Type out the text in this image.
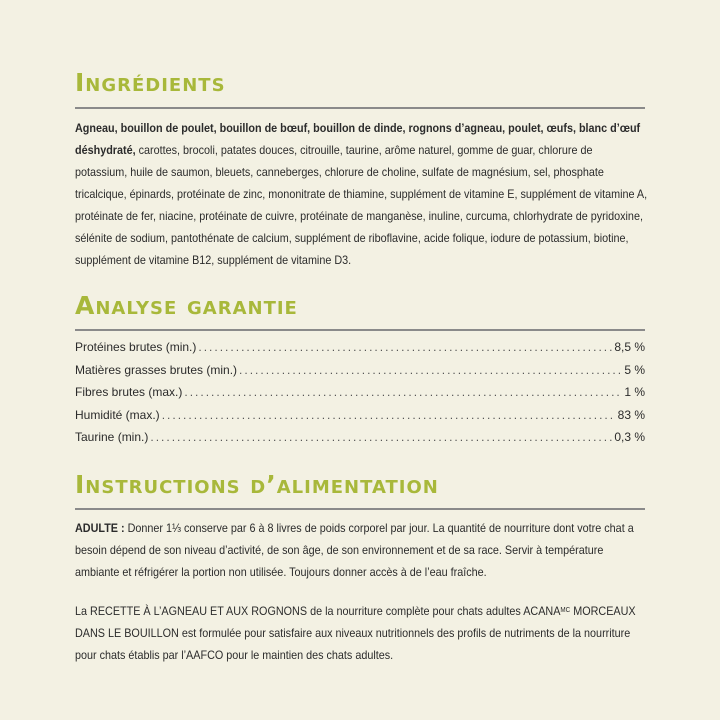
Ingrédients

Agneau, bouillon de poulet, bouillon de bœuf, bouillon de dinde, rognons d’agneau, poulet, œufs, blanc d’œuf déshydraté, carottes, brocoli, patates douces, citrouille, taurine, arôme naturel, gomme de guar, chlorure de potassium, huile de saumon, bleuets, canneberges, chlorure de choline, sulfate de magnésium, sel, phosphate tricalcique, épinards, protéinate de zinc, mononitrate de thiamine, supplément de vitamine E, supplément de vitamine A, protéinate de fer, niacine, protéinate de cuivre, protéinate de manganèse, inuline, curcuma, chlorhydrate de pyridoxine, sélénite de sodium, pantothénate de calcium, supplément de riboflavine, acide folique, iodure de potassium, biotine, supplément de vitamine B12, supplément de vitamine D3.

Analyse garantie
Protéines brutes (min.) .....	8,5 %
Matières grasses brutes (min.) .....	5 %
Fibres brutes (max.) .....	1 %
Humidité (max.) .....	83 %
Taurine (min.) .....	0,3 %
Instructions d’alimentation

ADULTE : Donner 1⅓ conserve par 6 à 8 livres de poids corporel par jour. La quantité de nourriture dont votre chat a besoin dépend de son niveau d’activité, de son âge, de son environnement et de sa race. Servir à température ambiante et réfrigérer la portion non utilisée. Toujours donner accès à de l’eau fraîche.

La RECETTE À L’AGNEAU ET AUX ROGNONS de la nourriture complète pour chats adultes $ACANA^{MC}$ MORCEAUX DANS LE BOUILLON est formulée pour satisfaire aux niveaux nutritionnels des profils de nutriments de la nourriture pour chats établis par l’AAFCO pour le maintien des chats adultes.
